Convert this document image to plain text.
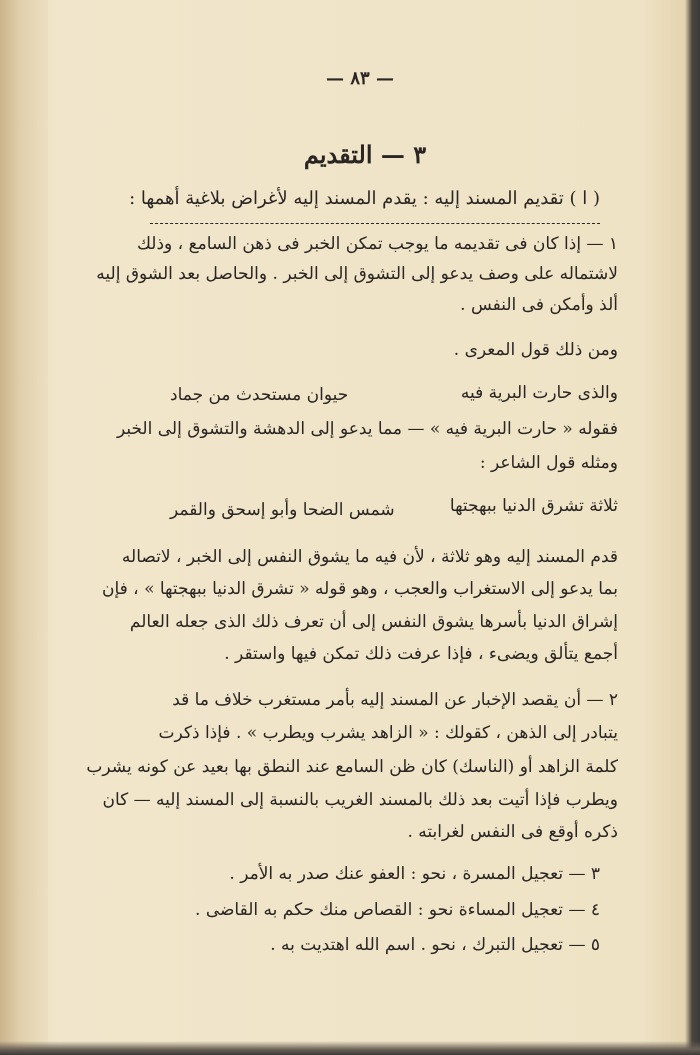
— ٨٣ —
٣ — التقديم
( ا ) تقديم المسند إليه : يقدم المسند إليه لأغراض بلاغية أهمها :
١ — إذا كان فى تقديمه ما يوجب تمكن الخبر فى ذهن السامع ، وذلك
لاشتماله على وصف يدعو إلى التشوق إلى الخبر . والحاصل بعد الشوق إليه
ألذ وأمكن فى النفس .
ومن ذلك قول المعرى .
والذى حارت البرية فيه
حيوان مستحدث من جماد
فقوله « حارت البرية فيه » — مما يدعو إلى الدهشة والتشوق إلى الخبر
ومثله قول الشاعر :
ثلاثة تشرق الدنيا ببهجتها
شمس الضحا وأبو إسحق والقمر
قدم المسند إليه وهو ثلاثة ، لأن فيه ما يشوق النفس إلى الخبر ، لاتصاله
بما يدعو إلى الاستغراب والعجب ، وهو قوله « تشرق الدنيا ببهجتها » ، فإن
إشراق الدنيا بأسرها يشوق النفس إلى أن تعرف ذلك الذى جعله العالم
أجمع يتألق ويضىء ، فإذا عرفت ذلك تمكن فيها واستقر .
٢ — أن يقصد الإخبار عن المسند إليه بأمر مستغرب خلاف ما قد
يتبادر إلى الذهن ، كقولك : « الزاهد يشرب ويطرب » . فإذا ذكرت
كلمة الزاهد أو (الناسك) كان ظن السامع عند النطق بها بعيد عن كونه يشرب
ويطرب فإذا أتيت بعد ذلك بالمسند الغريب بالنسبة إلى المسند إليه — كان
ذكره أوقع فى النفس لغرابته .
٣ — تعجيل المسرة ، نحو : العفو عنك صدر به الأمر .
٤ — تعجيل المساءة نحو : القصاص منك حكم به القاضى .
٥ — تعجيل التبرك ، نحو . اسم الله اهتديت به .
